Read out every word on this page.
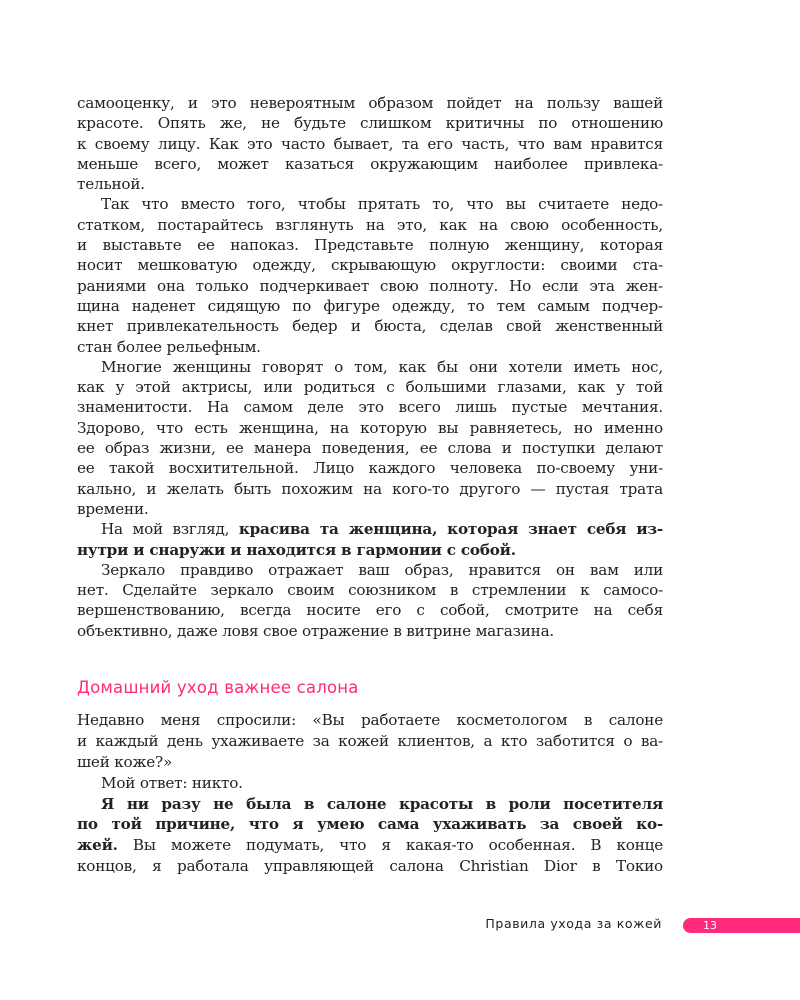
самооценку, и это невероятным образом пойдет на пользу вашей
красоте. Опять же, не будьте слишком критичны по отношению
к своему лицу. Как это часто бывает, та его часть, что вам нравится
меньше всего, может казаться окружающим наиболее привлека-
тельной.
Так что вместо того, чтобы прятать то, что вы считаете недо-
статком, постарайтесь взглянуть на это, как на свою особенность,
и выставьте ее напоказ. Представьте полную женщину, которая
носит мешковатую одежду, скрывающую округлости: своими ста-
раниями она только подчеркивает свою полноту. Но если эта жен-
щина наденет сидящую по фигуре одежду, то тем самым подчер-
кнет привлекательность бедер и бюста, сделав свой женственный
стан более рельефным.
Многие женщины говорят о том, как бы они хотели иметь нос,
как у этой актрисы, или родиться с большими глазами, как у той
знаменитости. На самом деле это всего лишь пустые мечтания.
Здорово, что есть женщина, на которую вы равняетесь, но именно
ее образ жизни, ее манера поведения, ее слова и поступки делают
ее такой восхитительной. Лицо каждого человека по-своему уни-
кально, и желать быть похожим на кого-то другого — пустая трата
времени.
На мой взгляд, красива та женщина, которая знает себя из-
нутри и снаружи и находится в гармонии с собой.
Зеркало правдиво отражает ваш образ, нравится он вам или
нет. Сделайте зеркало своим союзником в стремлении к самосо-
вершенствованию, всегда носите его с собой, смотрите на себя
объективно, даже ловя свое отражение в витрине магазина.
Домашний уход важнее салона
Недавно меня спросили: «Вы работаете косметологом в салоне
и каждый день ухаживаете за кожей клиентов, а кто заботится о ва-
шей коже?»
Мой ответ: никто.
Я ни разу не была в салоне красоты в роли посетителя
по той причине, что я умею сама ухаживать за своей ко-
жей. Вы можете подумать, что я какая-то особенная. В конце
концов, я работала управляющей салона Christian Dior в Токио
Правила ухода за кожей	13
